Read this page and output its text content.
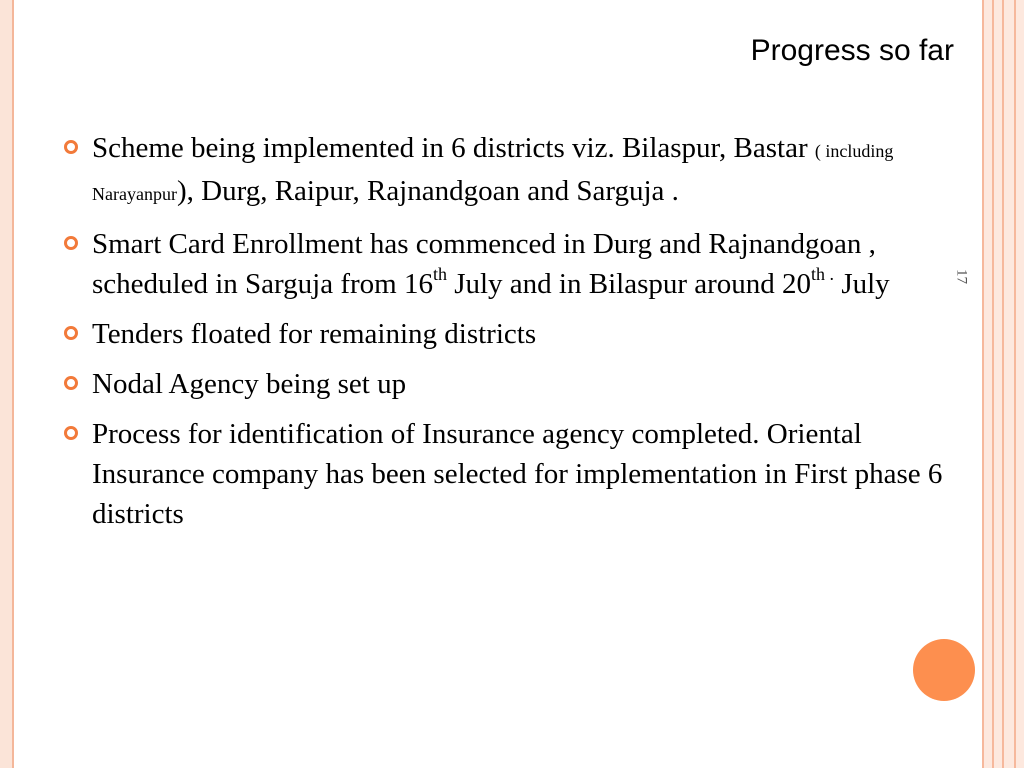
Progress so far
17
Scheme being implemented in 6 districts viz. Bilaspur, Bastar ( including Narayanpur), Durg, Raipur, Rajnandgoan and Sarguja .
Smart Card Enrollment has commenced in Durg and Rajnandgoan , scheduled in Sarguja from 16th July and in Bilaspur around $20^{th .}$ July
Tenders floated for remaining districts
Nodal Agency being set up
Process for identification of Insurance agency completed. Oriental Insurance company has been selected for implementation in First phase 6 districts
